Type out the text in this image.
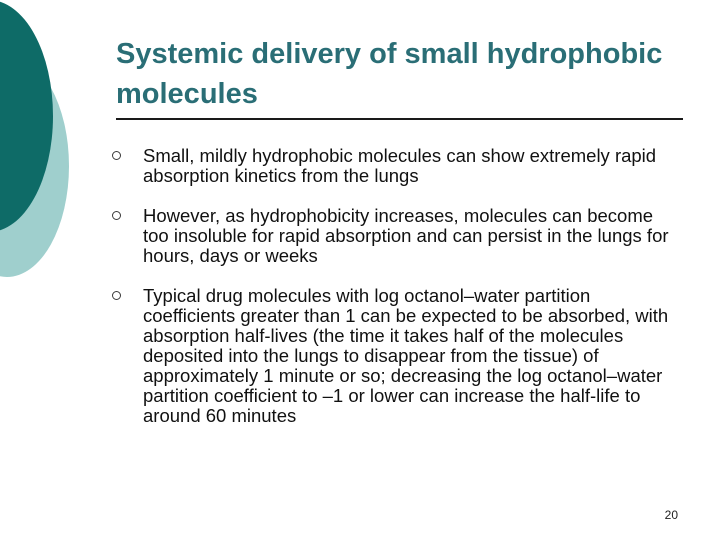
Systemic delivery of small hydrophobic molecules
Small, mildly hydrophobic molecules can show extremely rapid absorption kinetics from the lungs
However, as hydrophobicity increases, molecules can become too insoluble for rapid absorption and can persist in the lungs for hours, days or weeks
Typical drug molecules with log octanol–water partition coefficients greater than 1 can be expected to be absorbed, with absorption half-lives (the time it takes half of the molecules deposited into the lungs to disappear from the tissue) of approximately 1 minute or so; decreasing the log octanol–water partition coefficient to –1 or lower can increase the half-life to around 60 minutes
20
